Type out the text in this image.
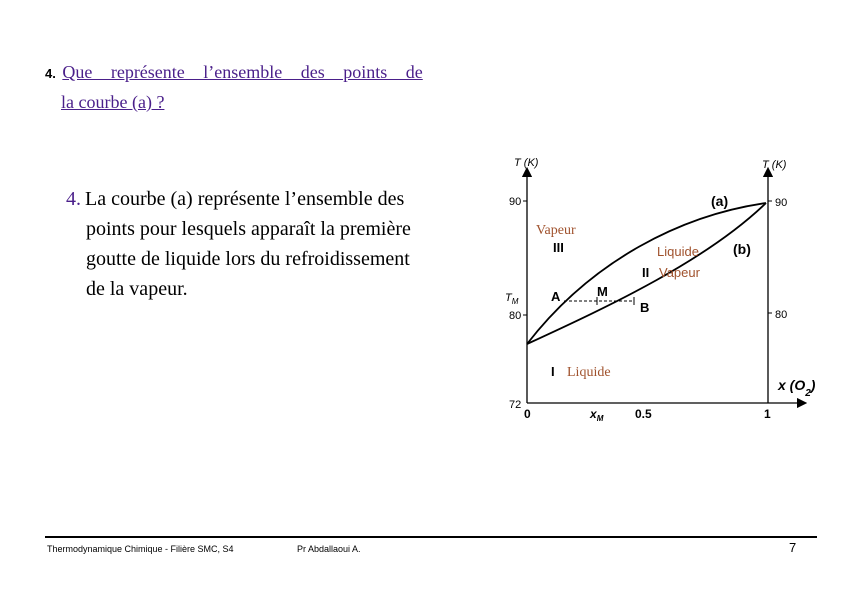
4. Que représente l’ensemble des points de
la courbe (a) ?
4. La courbe (a) représente l’ensemble des
points pour lesquels apparaît la première
goutte de liquide lors du refroidissement
de la vapeur.
T (K)	T (K)
90
80
72
$T_M$
90
80
0	0.5	1
$x_M$
x $(O_2)$
(a)
(b)
Vapeur
III	Liquide
II Vapeur
I Liquide
A	M
B
Thermodynamique Chimique - Filière SMC, S4	Pr Abdallaoui A.	7
